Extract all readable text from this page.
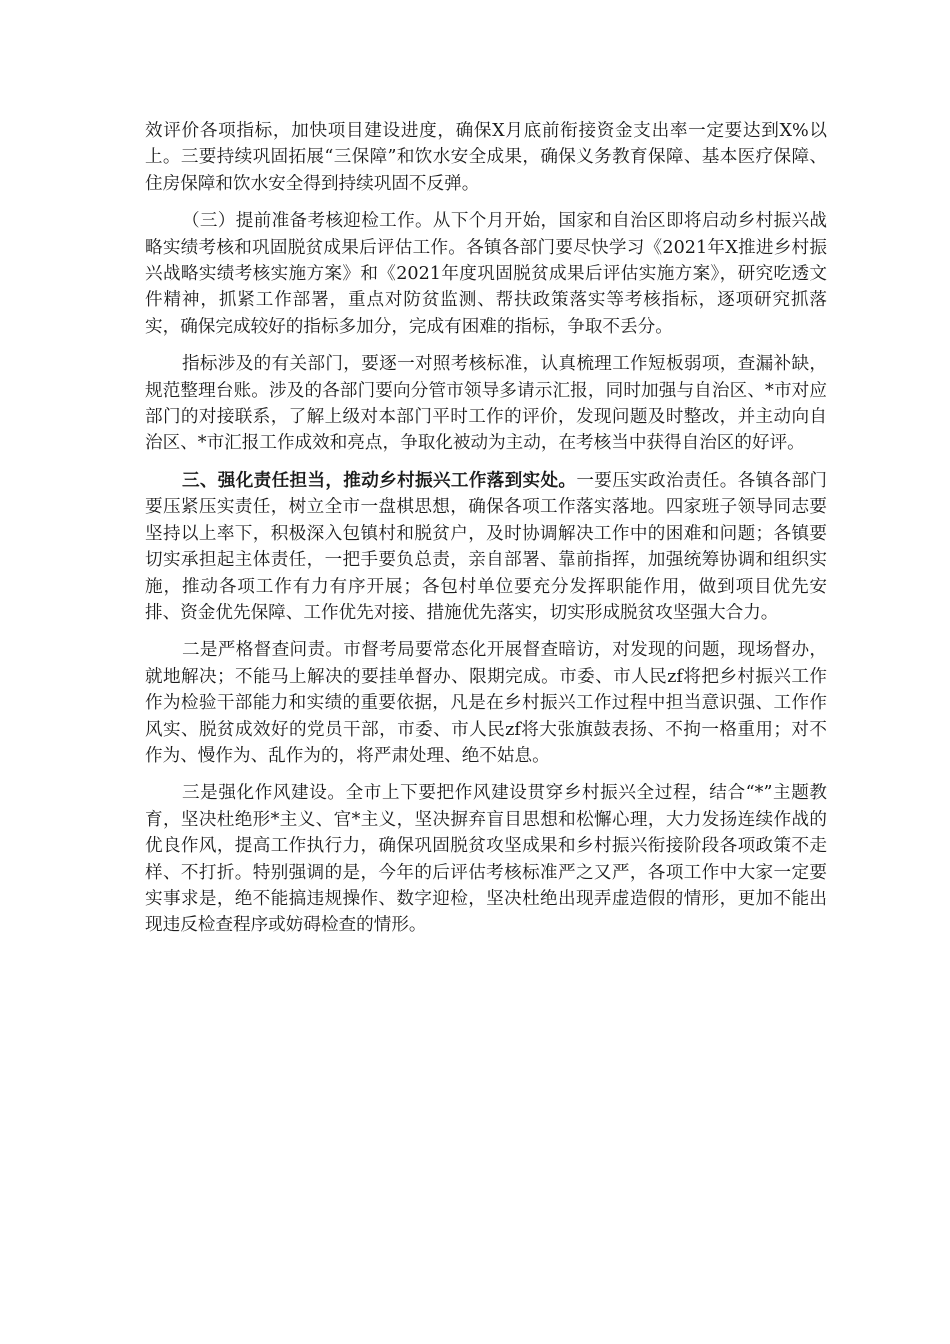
效评价各项指标，加快项目建设进度，确保X月底前衔接资金支出率一定要达到X%以上。三要持续巩固拓展“三保障”和饮水安全成果，确保义务教育保障、基本医疗保障、住房保障和饮水安全得到持续巩固不反弹。

（三）提前准备考核迎检工作。从下个月开始，国家和自治区即将启动乡村振兴战略实绩考核和巩固脱贫成果后评估工作。各镇各部门要尽快学习《2021年X推进乡村振兴战略实绩考核实施方案》和《2021年度巩固脱贫成果后评估实施方案》，研究吃透文件精神，抓紧工作部署，重点对防贫监测、帮扶政策落实等考核指标，逐项研究抓落实，确保完成较好的指标多加分，完成有困难的指标，争取不丢分。

指标涉及的有关部门，要逐一对照考核标准，认真梳理工作短板弱项，查漏补缺，规范整理台账。涉及的各部门要向分管市领导多请示汇报，同时加强与自治区、*市对应部门的对接联系，了解上级对本部门平时工作的评价，发现问题及时整改，并主动向自治区、*市汇报工作成效和亮点，争取化被动为主动，在考核当中获得自治区的好评。

三、强化责任担当，推动乡村振兴工作落到实处。一要压实政治责任。各镇各部门要压紧压实责任，树立全市一盘棋思想，确保各项工作落实落地。四家班子领导同志要坚持以上率下，积极深入包镇村和脱贫户，及时协调解决工作中的困难和问题；各镇要切实承担起主体责任，一把手要负总责，亲自部署、靠前指挥，加强统筹协调和组织实施，推动各项工作有力有序开展；各包村单位要充分发挥职能作用，做到项目优先安排、资金优先保障、工作优先对接、措施优先落实，切实形成脱贫攻坚强大合力。

二是严格督查问责。市督考局要常态化开展督查暗访，对发现的问题，现场督办，就地解决；不能马上解决的要挂单督办、限期完成。市委、市人民zf将把乡村振兴工作作为检验干部能力和实绩的重要依据，凡是在乡村振兴工作过程中担当意识强、工作作风实、脱贫成效好的党员干部，市委、市人民zf将大张旗鼓表扬、不拘一格重用；对不作为、慢作为、乱作为的，将严肃处理、绝不姑息。

三是强化作风建设。全市上下要把作风建设贯穿乡村振兴全过程，结合“*”主题教育，坚决杜绝形*主义、官*主义，坚决摒弃盲目思想和松懈心理，大力发扬连续作战的优良作风，提高工作执行力，确保巩固脱贫攻坚成果和乡村振兴衔接阶段各项政策不走样、不打折。特别强调的是，今年的后评估考核标准严之又严，各项工作中大家一定要实事求是，绝不能搞违规操作、数字迎检，坚决杜绝出现弄虚造假的情形，更加不能出现违反检查程序或妨碍检查的情形。
